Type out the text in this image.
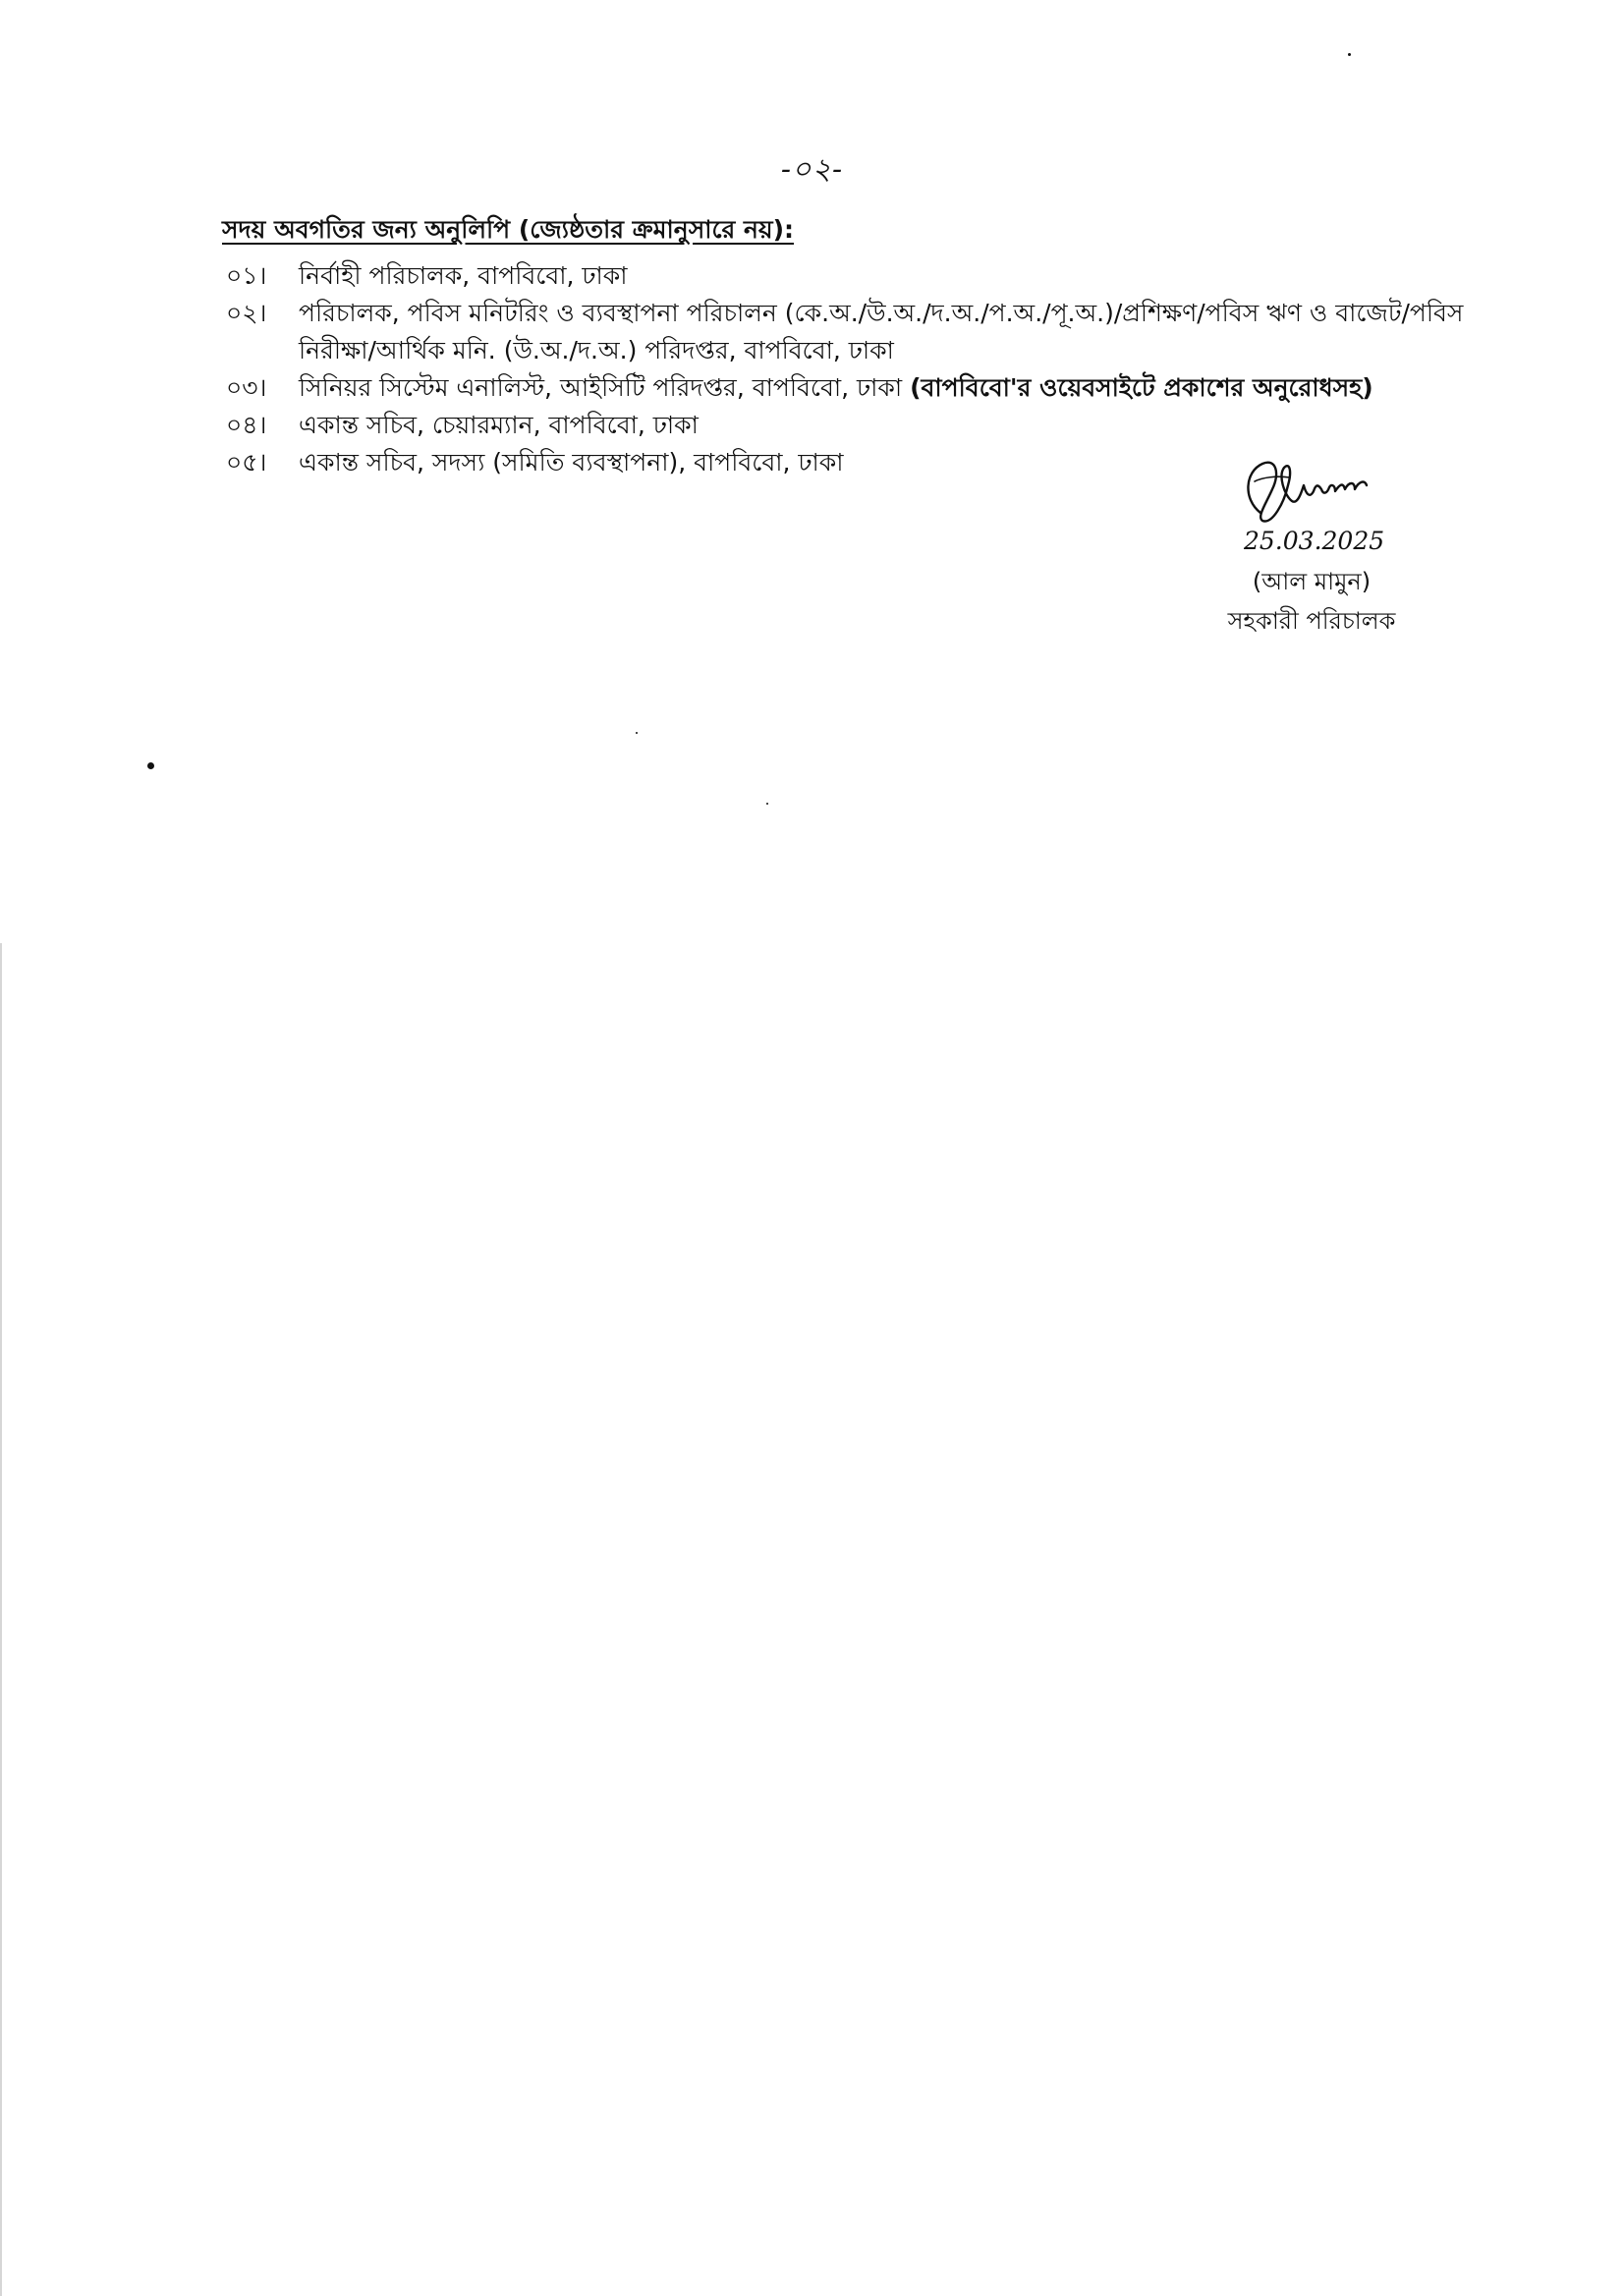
-০২-
সদয় অবগতির জন্য অনুলিপি (জ্যেষ্ঠতার ক্রমানুসারে নয়):
০১।	নির্বাহী পরিচালক, বাপবিবো, ঢাকা
০২।	পরিচালক, পবিস মনিটরিং ও ব্যবস্থাপনা পরিচালন (কে.অ./উ.অ./দ.অ./প.অ./পূ.অ.)/প্রশিক্ষণ/পবিস ঋণ ও বাজেট/পবিস নিরীক্ষা/আর্থিক মনি. (উ.অ./দ.অ.) পরিদপ্তর, বাপবিবো, ঢাকা
০৩।	সিনিয়র সিস্টেম এনালিস্ট, আইসিটি পরিদপ্তর, বাপবিবো, ঢাকা (বাপবিবো'র ওয়েবসাইটে প্রকাশের অনুরোধসহ)
০৪।	একান্ত সচিব, চেয়ারম্যান, বাপবিবো, ঢাকা
০৫।	একান্ত সচিব, সদস্য (সমিতি ব্যবস্থাপনা), বাপবিবো, ঢাকা
25.03.2025
(আল মামুন)
সহকারী পরিচালক
